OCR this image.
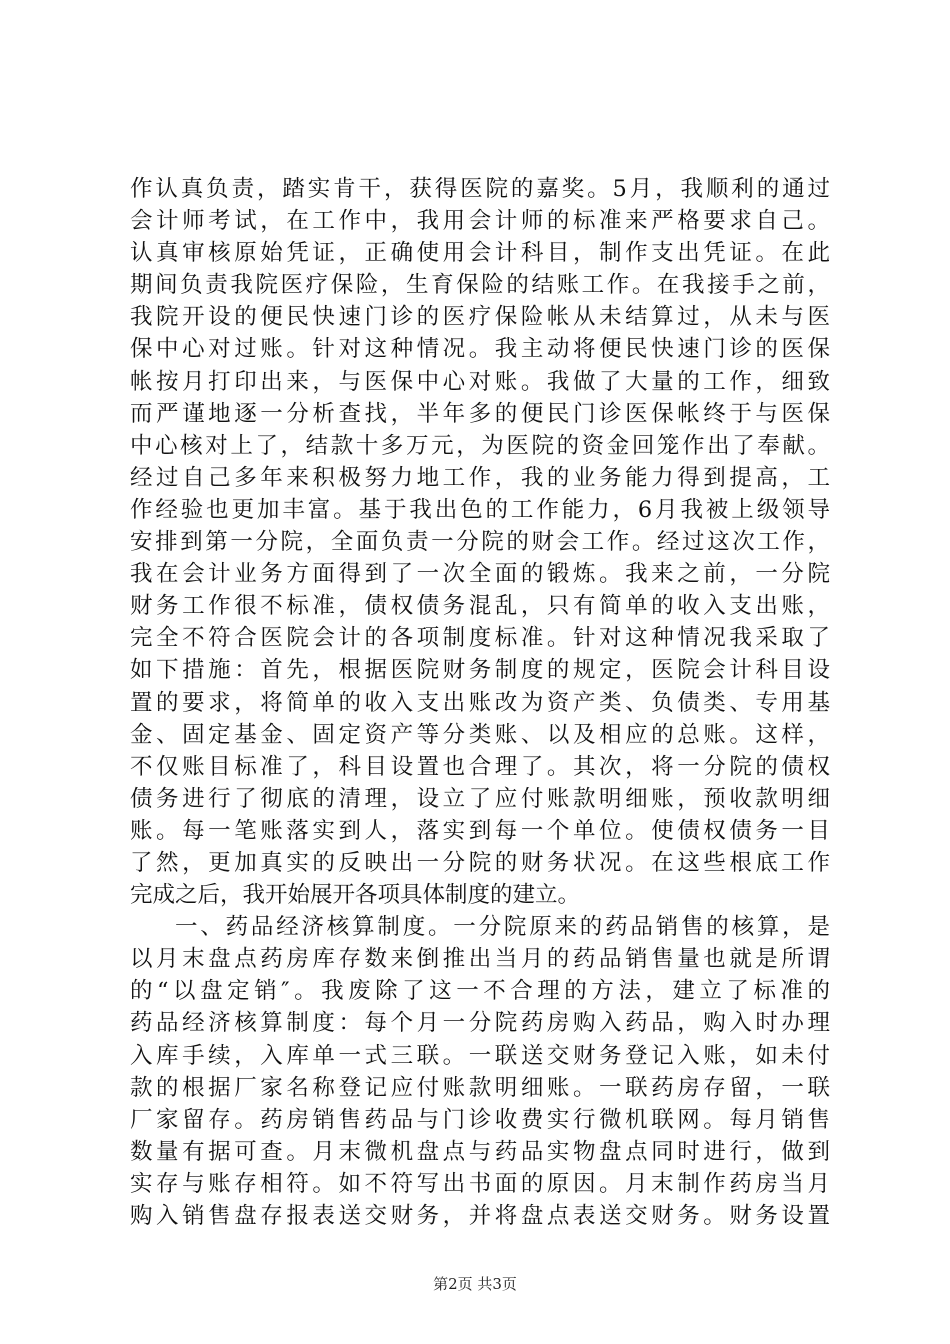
作认真负责，踏实肯干，获得医院的嘉奖。5月，我顺利的通过
会计师考试，在工作中，我用会计师的标准来严格要求自己。
认真审核原始凭证，正确使用会计科目，制作支出凭证。在此
期间负责我院医疗保险，生育保险的结账工作。在我接手之前，
我院开设的便民快速门诊的医疗保险帐从未结算过，从未与医
保中心对过账。针对这种情况。我主动将便民快速门诊的医保
帐按月打印出来，与医保中心对账。我做了大量的工作，细致
而严谨地逐一分析查找，半年多的便民门诊医保帐终于与医保
中心核对上了，结款十多万元，为医院的资金回笼作出了奉献。
经过自己多年来积极努力地工作，我的业务能力得到提高，工
作经验也更加丰富。基于我出色的工作能力，6月我被上级领导
安排到第一分院，全面负责一分院的财会工作。经过这次工作，
我在会计业务方面得到了一次全面的锻炼。我来之前，一分院
财务工作很不标准，债权债务混乱，只有简单的收入支出账，
完全不符合医院会计的各项制度标准。针对这种情况我采取了
如下措施：首先，根据医院财务制度的规定，医院会计科目设
置的要求，将简单的收入支出账改为资产类、负债类、专用基
金、固定基金、固定资产等分类账、以及相应的总账。这样，
不仅账目标准了，科目设置也合理了。其次，将一分院的债权
债务进行了彻底的清理，设立了应付账款明细账，预收款明细
账。每一笔账落实到人，落实到每一个单位。使债权债务一目
了然，更加真实的反映出一分院的财务状况。在这些根底工作
完成之后，我开始展开各项具体制度的建立。
一、药品经济核算制度。一分院原来的药品销售的核算，是
以月末盘点药房库存数来倒推出当月的药品销售量也就是所谓
的“以盘定销″。我废除了这一不合理的方法，建立了标准的
药品经济核算制度：每个月一分院药房购入药品，购入时办理
入库手续，入库单一式三联。一联送交财务登记入账，如未付
款的根据厂家名称登记应付账款明细账。一联药房存留，一联
厂家留存。药房销售药品与门诊收费实行微机联网。每月销售
数量有据可查。月末微机盘点与药品实物盘点同时进行，做到
实存与账存相符。如不符写出书面的原因。月末制作药房当月
购入销售盘存报表送交财务，并将盘点表送交财务。财务设置
第2页 共3页
